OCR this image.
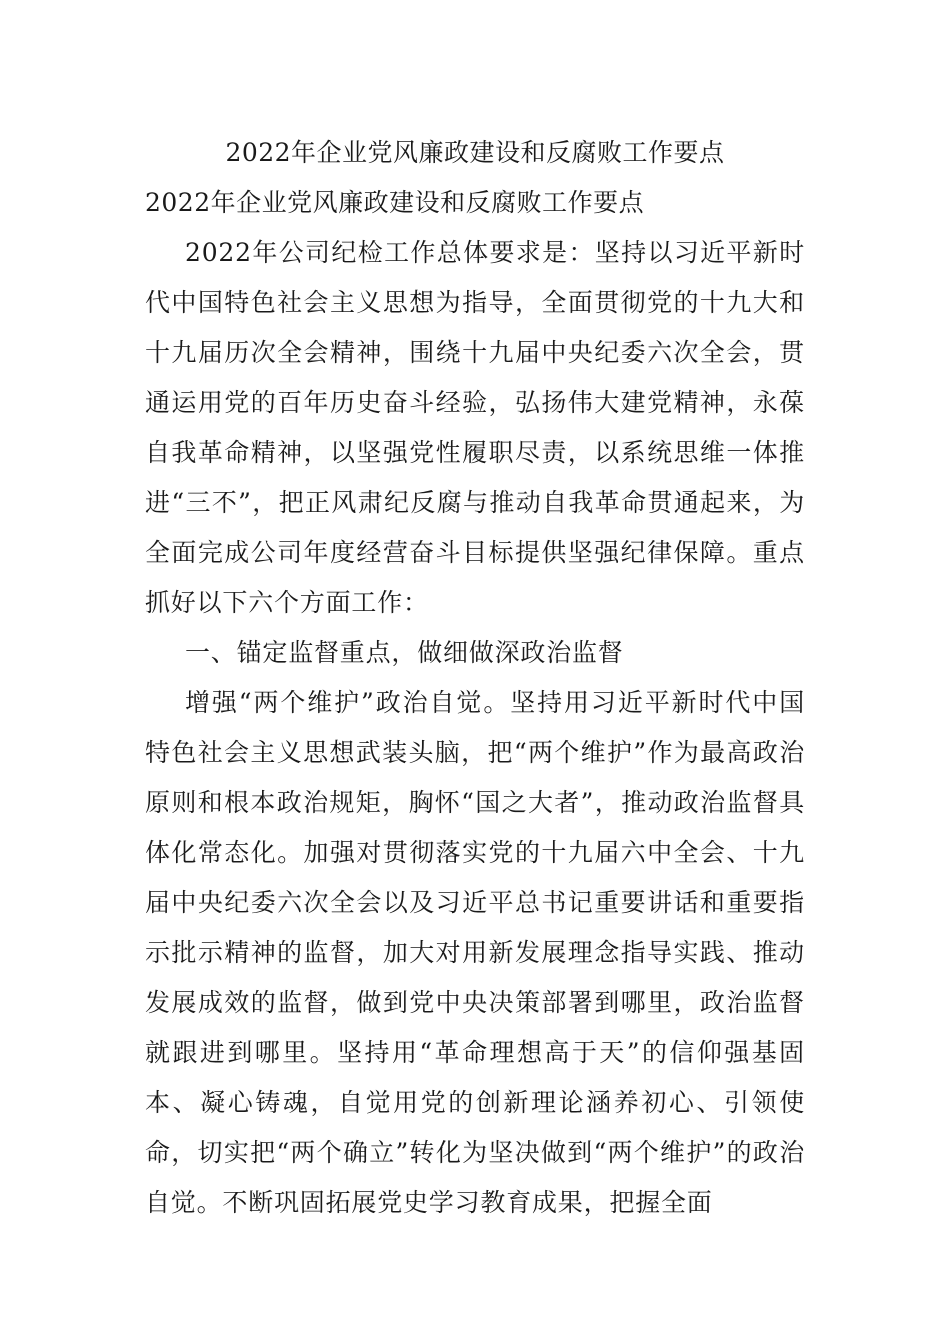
2022年企业党风廉政建设和反腐败工作要点
2022年企业党风廉政建设和反腐败工作要点

2022年公司纪检工作总体要求是：坚持以习近平新时代中国特色社会主义思想为指导，全面贯彻党的十九大和十九届历次全会精神，围绕十九届中央纪委六次全会，贯通运用党的百年历史奋斗经验，弘扬伟大建党精神，永葆自我革命精神，以坚强党性履职尽责，以系统思维一体推进“三不”，把正风肃纪反腐与推动自我革命贯通起来，为全面完成公司年度经营奋斗目标提供坚强纪律保障。重点抓好以下六个方面工作：

一、锚定监督重点，做细做深政治监督

增强“两个维护”政治自觉。坚持用习近平新时代中国特色社会主义思想武装头脑，把“两个维护”作为最高政治原则和根本政治规矩，胸怀“国之大者”，推动政治监督具体化常态化。加强对贯彻落实党的十九届六中全会、十九届中央纪委六次全会以及习近平总书记重要讲话和重要指示批示精神的监督，加大对用新发展理念指导实践、推动发展成效的监督，做到党中央决策部署到哪里，政治监督就跟进到哪里。坚持用“革命理想高于天”的信仰强基固本、凝心铸魂，自觉用党的创新理论涵养初心、引领使命，切实把“两个确立”转化为坚决做到“两个维护”的政治自觉。不断巩固拓展党史学习教育成果，把握全面
